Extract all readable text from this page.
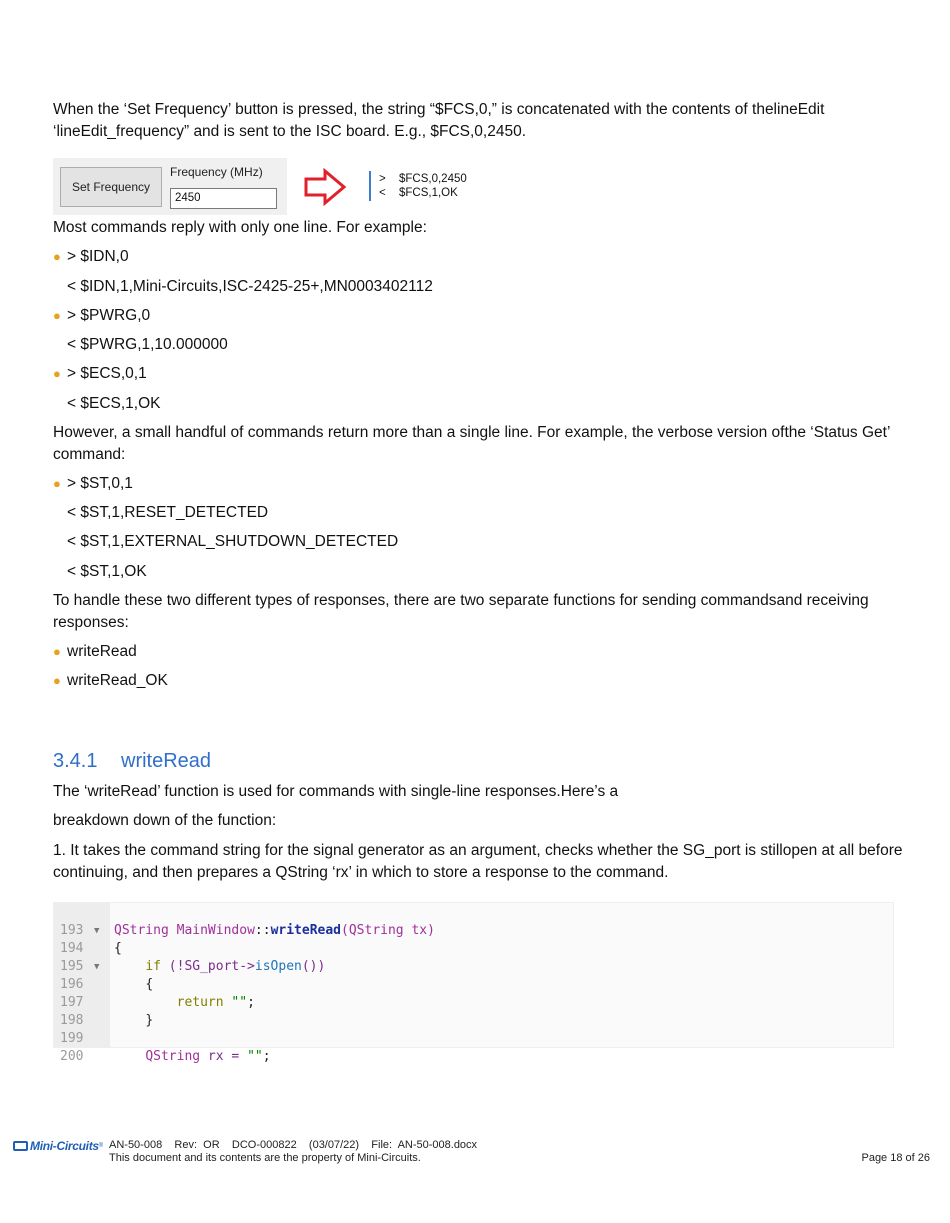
When the ‘Set Frequency’ button is pressed, the string “$FCS,0,” is concatenated with the contents of thelineEdit ‘lineEdit_frequency” and is sent to the ISC board. E.g., $FCS,0,2450.
Set Frequency
Frequency (MHz)
2450
> $FCS,0,2450
< $FCS,1,OK
Most commands reply with only one line. For example:
● > $IDN,0
< $IDN,1,Mini-Circuits,ISC-2425-25+,MN0003402112
● > $PWRG,0
< $PWRG,1,10.000000
● > $ECS,0,1
< $ECS,1,OK
However, a small handful of commands return more than a single line. For example, the verbose version ofthe ‘Status Get’ command:
● > $ST,0,1
< $ST,1,RESET_DETECTED
< $ST,1,EXTERNAL_SHUTDOWN_DETECTED
< $ST,1,OK
To handle these two different types of responses, there are two separate functions for sending commandsand receiving responses:
● writeRead
● writeRead_OK
3.4.1 writeRead
The ‘writeRead’ function is used for commands with single-line responses.Here’s a
breakdown down of the function:
1. It takes the command string for the signal generator as an argument, checks whether the SG_port is stillopen at all before continuing, and then prepares a QString ‘rx’ in which to store a response to the command.

193	▼ QString MainWindow::writeRead(QString tx)

194	{

195	▼	if (!SG_port->isOpen())

196	{

197	return "";

198	}

199

200	QString rx = "";

Mini-Circuits ® AN-50-008    Rev:  OR    DCO-000822    (03/07/22)    File:  AN-50-008.docx
This document and its contents are the property of Mini-Circuits.	Page 18 of 26
